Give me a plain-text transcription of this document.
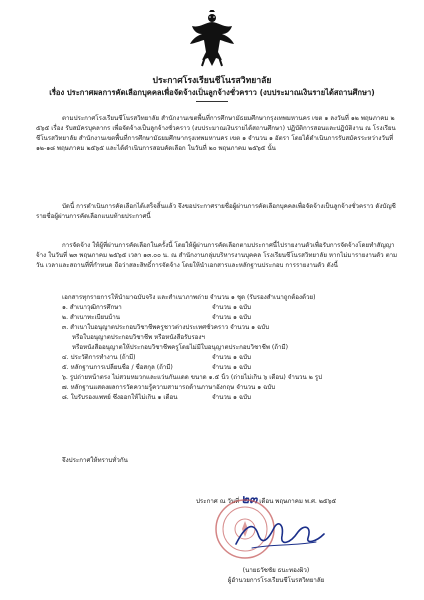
ประกาศโรงเรียนชีโนรสวิทยาลัย
เรื่อง ประกาศผลการคัดเลือกบุคคลเพื่อจัดจ้างเป็นลูกจ้างชั่วคราว (งบประมาณเงินรายได้สถานศึกษา)
ตามประกาศโรงเรียนชีโนรสวิทยาลัย สำนักงานเขตพื้นที่การศึกษามัธยมศึกษากรุงเทพมหานคร เขต ๑ ลงวันที่ ๑๒ พฤษภาคม ๒๕๖๕ เรื่อง รับสมัครบุคลากร เพื่อจัดจ้างเป็นลูกจ้างชั่วคราว (งบประมาณเงินรายได้สถานศึกษา) ปฏิบัติการสอนและปฏิบัติงาน ณ โรงเรียนชีโนรสวิทยาลัย สำนักงานเขตพื้นที่การศึกษามัธยมศึกษากรุงเทพมหานคร เขต ๑ จำนวน ๑ อัตรา โดยได้ดำเนินการรับสมัครระหว่างวันที่ ๑๒-๑๘ พฤษภาคม ๒๕๖๕ และได้ดำเนินการสอบคัดเลือก ในวันที่ ๒๐ พฤษภาคม ๒๕๖๕ นั้น
บัดนี้ การดำเนินการคัดเลือกได้เสร็จสิ้นแล้ว จึงขอประกาศรายชื่อผู้ผ่านการคัดเลือกบุคคลเพื่อจัดจ้างเป็นลูกจ้างชั่วคราว ดังบัญชีรายชื่อผู้ผ่านการคัดเลือกแนบท้ายประกาศนี้
การจัดจ้าง ให้ผู้ที่ผ่านการคัดเลือกในครั้งนี้ โดยให้ผู้ผ่านการคัดเลือกตามประกาศนี้ไปรายงานตัวเพื่อรับการจัดจ้างโดยทำสัญญาจ้าง ในวันที่ ๒๓ พฤษภาคม ๒๕๖๕ เวลา ๑๓.๐๐ น. ณ สำนักงานกลุ่มบริหารงานบุคคล โรงเรียนชีโนรสวิทยาลัย หากไม่มารายงานตัว ตามวัน เวลาและสถานที่ที่กำหนด ถือว่าสละสิทธิ์การจัดจ้าง โดยให้นำเอกสารและหลักฐานประกอบ การรายงานตัว ดังนี้
เอกสารทุกรายการให้นำมาฉบับจริง และสำเนาภาพถ่าย จำนวน ๑ ชุด (รับรองสำเนาถูกต้องด้วย)
๑. สำเนาวุฒิการศึกษา	จำนวน ๑ ฉบับ
๒. สำเนาทะเบียนบ้าน	จำนวน ๑ ฉบับ
๓. สำเนาใบอนุญาตประกอบวิชาชีพครูชาวต่างประเทศชั่วคราว จำนวน ๑ ฉบับ
หรือใบอนุญาตประกอบวิชาชีพ หรือหนังสือรับรองฯ
หรือหนังสืออนุญาตให้ประกอบวิชาชีพครูโดยไม่มีใบอนุญาตประกอบวิชาชีพ (ถ้ามี)
๔. ประวัติการทำงาน (ถ้ามี)	จำนวน ๑ ฉบับ
๕. หลักฐานการเปลี่ยนชื่อ / ชื่อสกุล (ถ้ามี)	จำนวน ๑ ฉบับ
๖. รูปถ่ายหน้าตรง ไม่สวมหมวกและแว่นกันแดด ขนาด ๑.๕ นิ้ว (ถ่ายไม่เกิน ๖ เดือน) จำนวน ๒ รูป
๗. หลักฐานแสดงผลการวัดความรู้ความสามารถด้านภาษาอังกฤษ จำนวน ๑ ฉบับ
๘. ใบรับรองแพทย์ ซึ่งออกให้ไม่เกิน ๑ เดือน	จำนวน ๑ ฉบับ
จึงประกาศให้ทราบทั่วกัน
ประกาศ ณ วันที่ ๒๓ เดือน พฤษภาคม พ.ศ. ๒๕๖๕
(นายธวัชชัย ธนะทองผิว)
ผู้อำนวยการโรงเรียนชีโนรสวิทยาลัย
